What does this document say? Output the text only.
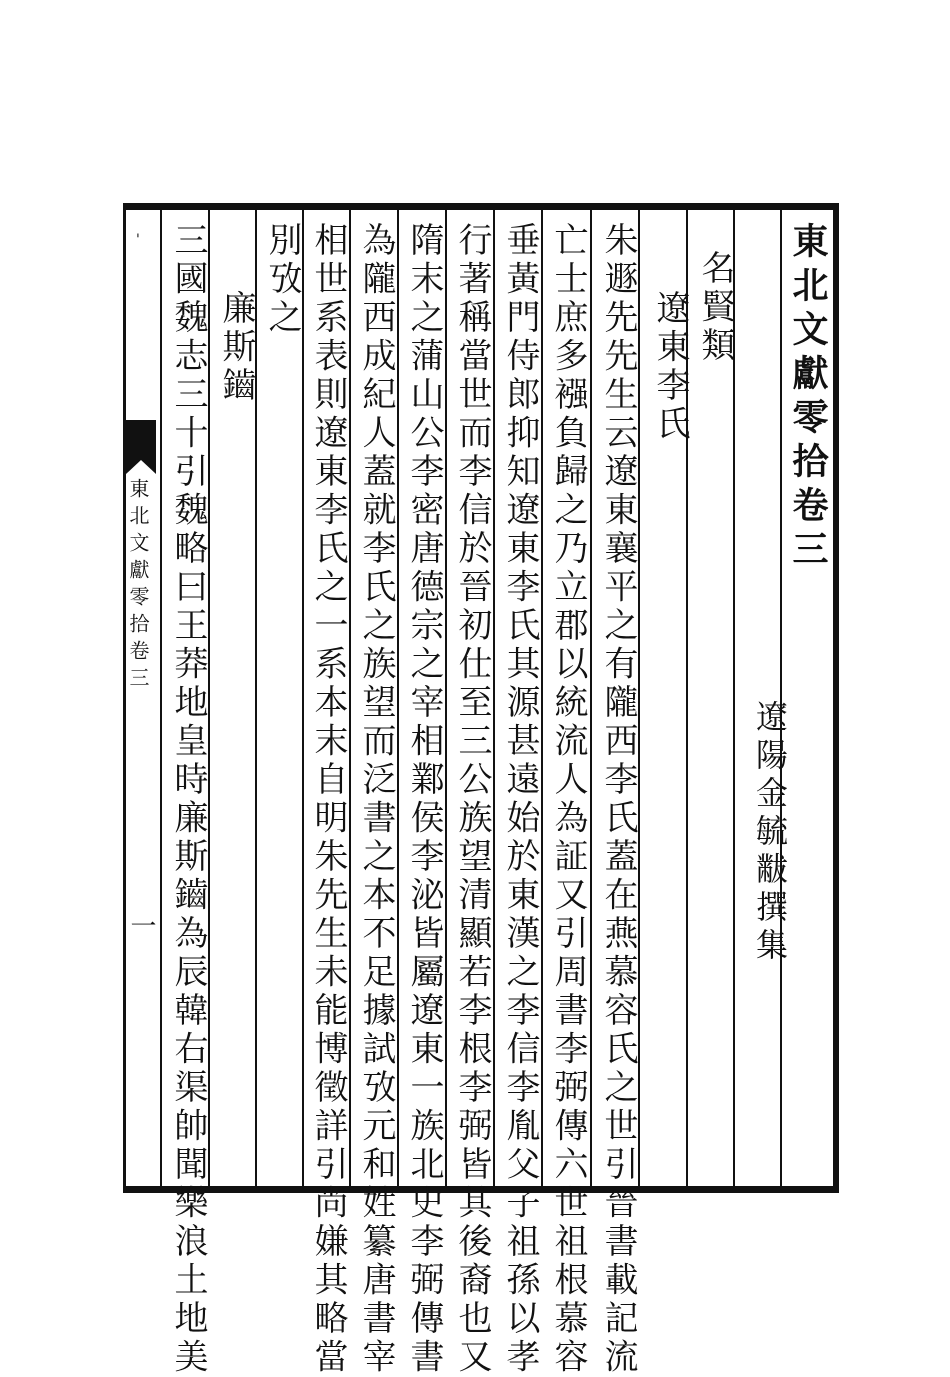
東北文獻零拾卷三
遼陽金毓黻撰集
名賢類
遼東李氏
廉斯鑡	朱遯先先生云遼東襄平之有隴西李氏蓋在燕慕容氏之世引晉書載記流
亡士庶多襁負歸之乃立郡以統流人為証又引周書李弼傳六世祖根慕容
垂黃門侍郎抑知遼東李氏其源甚遠始於東漢之李信李胤父子祖孫以孝
行著稱當世而李信於晉初仕至三公族望清顯若李根李弼皆其後裔也又
隋末之蒲山公李密唐德宗之宰相鄴侯李泌皆屬遼東一族北史李弼傳書
為隴西成紀人蓋就李氏之族望而泛書之本不足據試攷元和姓纂唐書宰
相世系表則遼東李氏之一系本末自明朱先生未能博徵詳引尚嫌其略當
別攷之
三國魏志三十引魏略曰王莽地皇時廉斯鑡為辰韓右渠帥聞樂浪土地美
'
東北文獻零拾卷三
一
